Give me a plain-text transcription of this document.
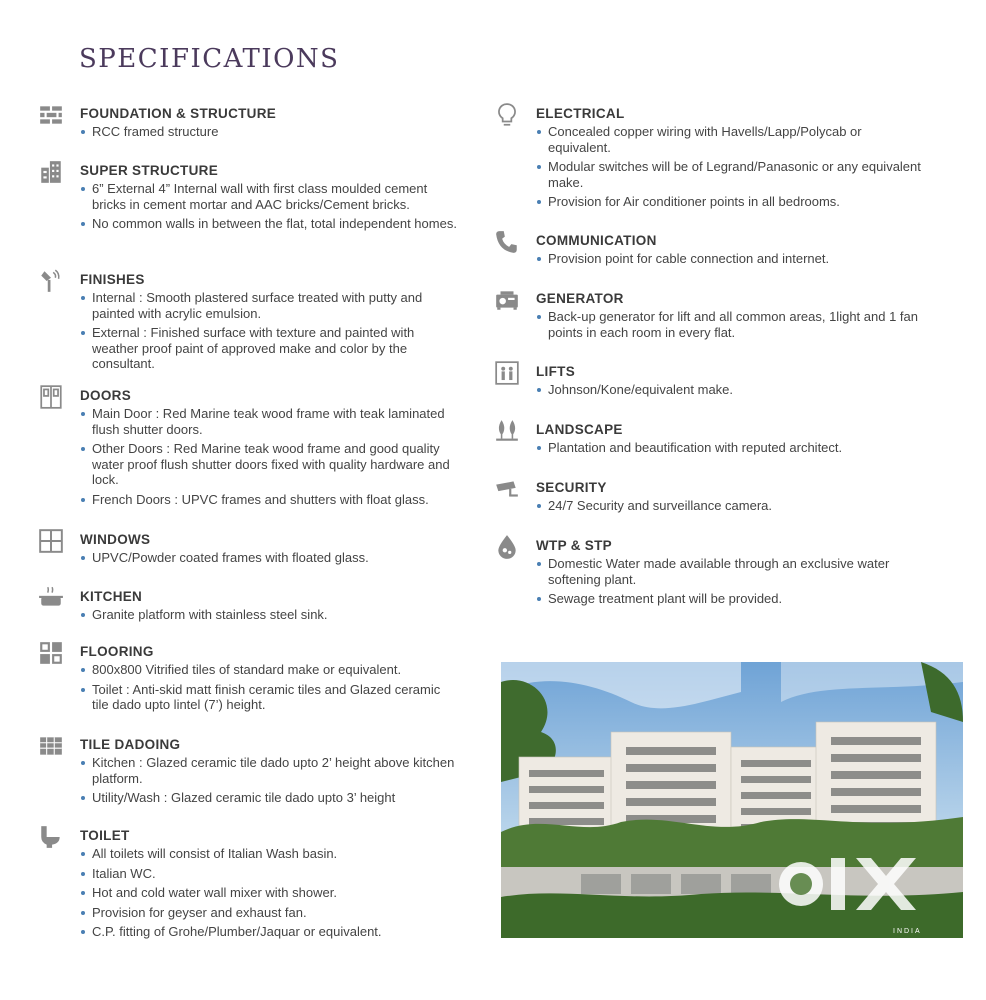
SPECIFICATIONS
FOUNDATION & STRUCTURE
RCC framed structure
SUPER STRUCTURE
6” External 4” Internal wall with first class moulded cement bricks in cement mortar and AAC bricks/Cement bricks.
No common walls in between the flat, total independent homes.
FINISHES
Internal : Smooth plastered surface treated with putty and painted with acrylic emulsion.
External : Finished surface with texture and painted with weather proof paint of approved make and color by the consultant.
DOORS
Main Door : Red Marine teak wood frame with teak laminated flush shutter doors.
Other Doors : Red Marine teak wood frame and good quality water proof flush shutter doors fixed with quality hardware and lock.
French Doors : UPVC frames and shutters with float glass.
WINDOWS
UPVC/Powder coated frames with floated glass.
KITCHEN
Granite platform with stainless steel sink.
FLOORING
800x800 Vitrified tiles of standard make or equivalent.
Toilet : Anti-skid matt finish ceramic tiles and Glazed ceramic tile dado upto lintel (7’) height.
TILE DADOING
Kitchen : Glazed ceramic tile dado upto 2’ height above kitchen platform.
Utility/Wash : Glazed ceramic tile dado upto 3’ height
TOILET
All toilets will consist of Italian Wash basin.
Italian WC.
Hot and cold water wall mixer with shower.
Provision for geyser and exhaust fan.
C.P. fitting of Grohe/Plumber/Jaquar or equivalent.
ELECTRICAL
Concealed copper wiring with Havells/Lapp/Polycab or equivalent.
Modular switches will be of Legrand/Panasonic or any equivalent make.
Provision for Air conditioner points in all bedrooms.
COMMUNICATION
Provision point for cable connection and internet.
GENERATOR
Back-up generator for lift and all common areas, 1light and 1 fan points in each room in every flat.
LIFTS
Johnson/Kone/equivalent make.
LANDSCAPE
Plantation and beautification with reputed architect.
SECURITY
24/7 Security and surveillance camera.
WTP & STP
Domestic Water made available through an exclusive water softening plant.
Sewage treatment plant will be provided.
INDIA
